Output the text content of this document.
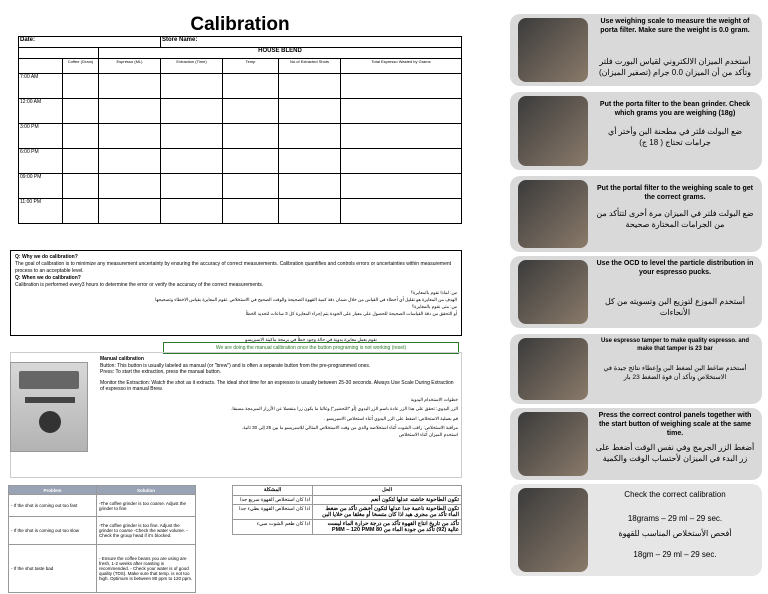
Calibration
Date:			Store Name:			
		HOUSE BLEND				
	Coffee (Gram)	Espresso (ML)	Extraction (Time)	Temp	No.of Extracted Shots	Total Espresso Wasted by Grams
7:00 AM						
12:00 AM						
3:00 PM						
6:00 PM						
09:00 PM						
11:00 PM						
Q: Why we do calibration?
The goal of calibration is to minimize any measurement uncertainty by ensuring the accuracy of correct measurements. Calibration quantifies and controls errors or uncertainties within measurement process to an acceptable level.
Q: When we do calibration?
Calibration is performed every3 hours to determine the error or verify the accuracy of the correct measurements.
س: لماذا نقوم بالمعايرة؟
الهدف من المعايرة هو تقليل أي أخطاء في القياس من خلال ضمان دقة كمية القهوة الصحيحة والوقت الصحيح في الاستخلاص .تقوم المعايرة بقياس الاخطاء وتصحيحها
س: متى نقوم بالمعايرة؟
أو التحقق من دقة القياسات الصحيحة للحصول على معيار على الجودة يتم إجراء المعايرة كل 3 ساعات لتحديد الخطأ
نقوم بعمل معايرة يدوية في حالة وجود خطأ في برمجة ماكينة الاسبريسو
We are doing the manual calibration once the button programing is not working (reset)
Manual calibration
Button: This button is usually labeled as manual (or "brew") and is often a separate button from the pre-programmed ones.
Press: To start the extraction, press the manual button.
Monitor the Extraction: Watch the shot as it extracts. The ideal shot time for an espresso is usually between 25-30 seconds. Always Use Scale During Extraction of espresso in manual Brew.
خطوات الاستخدام اليدوية
الزر اليدوي: تحقق على هذا الزر عادة باسم الزر اليدوي (أو "التحضير") وغالبا ما يكون زرا منفصلا عن الأزرار المبرمجة مسبقا.
قم بعملية الاستخلاص: اضغط على الزر اليدوي أثناء استخلاص الاسبريسو .
مراقبة الاستخلاص: راقب الشوت أثناء استخلاصه والذي من وقت الاستخلاص المثالي للاسبريسو ما بين 25 إلى 30 ثانية.
استخدم الميزان أثناء الاستخلاص
Problem	Solution
- If the shot is coming out too fast	-The coffee grinder is too coarse. Adjust the grinder to fine
- If the shot is coming out too slow	-The coffee grinder is too fine. Adjust the grinder to coarse -Check the water volume. -Check the group head if it's blocked.
- If the shot taste bad	- Ensure the coffee beans you are using are fresh, 1-2 weeks after roasting is recommended. - Check your water is of good quality (TDS). Make sure that temp. is not too high. Optimum is between 80 ppm to 120 ppm.
المشكلة	الحل
اذا كان استخلاص القهوة سريع جدا	تكون الطاحونة خاشنه عدلها لتكون أنعم
اذا كان استخلاص القهوة بطيء جدا	تكون الطاحونة ناعمة جدا عدلها لتكون أخشن تأكد من ضغط الماء تأكد من مجرى هيد اذا كان متسخا أو مغلقا من خلايا البن
اذا كان طعم الشوت سيء	تأكد من تاريخ انتاج القهوة تأكد من درجة حرارة الماء ليست عالية (92) تأكد من جودة الماء من 80 PMM – 120 PMM
Use weighing scale to measure the weight of porta filter. Make sure the weight is 0.0 gram.
أستخدم الميزان الالكتروني لقياس البورت فلتر وتأكد من أن الميزان 0.0 جرام (تصفير الميزان)
Put the porta filter to the bean grinder. Check which grams you are weighing (18g)
ضع البولت فلتر في مطحنة البن وأختر أي جرامات تحتاج ( 18 ج)
Put the portal filter to the weighing scale to get the correct grams.
ضع البولت فلتر في الميزان مرة أخرى لتتأكد من من الجرامات المختارة صحيحة
Use the OCD to level the particle distribution in your espresso pucks.
أستخدم الموزع لتوزيع البن وتسويته من كل الأنحاءات
Use espresso tamper to make quality espresso. and make that tamper is 23 bar
أستخدم ضاغط البن لضغط البن وإعطاء نتائج جيدة في الاستخلاص وتأكد أن قوة الضغط 23 بار
Press the correct control panels together with the start button of weighing scale at the same time.
أضغط الزر الجرمج وفي نفس الوقت أضغط على زر البدء في الميزان لأحتساب الوقت والكمية
Check the correct calibration
18grams – 29 ml – 29 sec.
أفحص الأستخلاص المناسب للقهوة
18gm – 29 ml – 29 sec.
